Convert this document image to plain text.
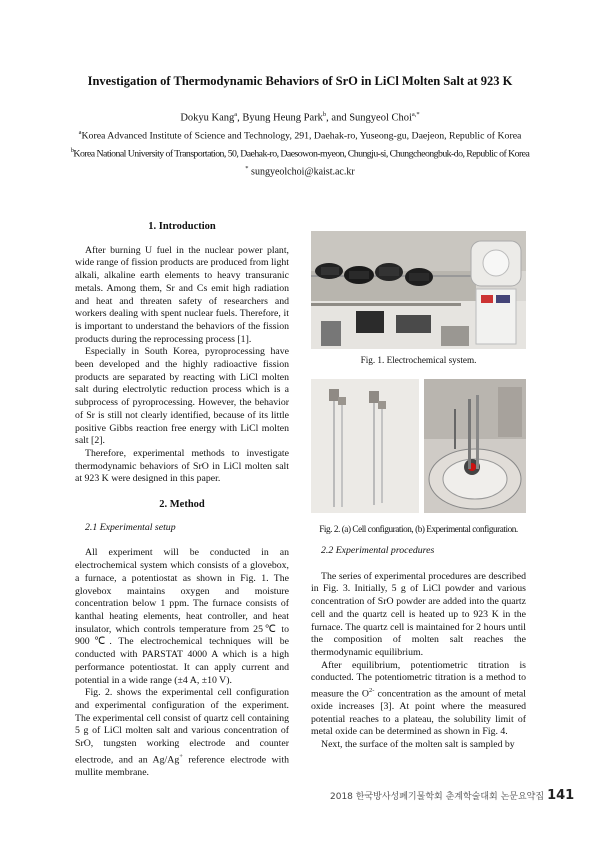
Investigation of Thermodynamic Behaviors of SrO in LiCl Molten Salt at 923 K
Dokyu Kang$^a$, Byung Heung Park$^b$, and Sungyeol Choi$^{a,*}$
$^a$Korea Advanced Institute of Science and Technology, 291, Daehak-ro, Yuseong-gu, Daejeon, Republic of Korea
$^b$Korea National University of Transportation, 50, Daehak-ro, Daesowon-myeon, Chungju-si, Chungcheongbuk-do, Republic of Korea
* sungyeolchoi@kaist.ac.kr

1. Introduction

After burning U fuel in the nuclear power plant, wide range of fission products are produced from light alkali, alkaline earth elements to heavy transuranic metals. Among them, Sr and Cs emit high radiation and heat and threaten safety of researchers and workers dealing with spent nuclear fuels. Therefore, it is important to understand the behaviors of the fission products during the reprocessing process [1].

Especially in South Korea, pyroprocessing have been developed and the highly radioactive fission products are separated by reacting with LiCl molten salt during electrolytic reduction process which is a subprocess of pyroprocessing. However, the behavior of Sr is still not clearly identified, because of its little positive Gibbs reaction free energy with LiCl molten salt [2].

Therefore, experimental methods to investigate thermodynamic behaviors of SrO in LiCl molten salt at 923 K were designed in this paper.

2. Method

2.1 Experimental setup

All experiment will be conducted in an electrochemical system which consists of a glovebox, a furnace, a potentiostat as shown in Fig. 1. The glovebox maintains oxygen and moisture concentration below 1 ppm. The furnace consists of kanthal heating elements, heat controller, and heat insulator, which controls temperature from 25℃ to 900℃. The electrochemical techniques will be conducted with PARSTAT 4000 A which is a high performance potentiostat. It can apply current and potential in a wide range (±4 A, ±10 V).

Fig. 2. shows the experimental cell configuration and experimental configuration of the experiment. The experimental cell consist of quartz cell containing 5 g of LiCl molten salt and various concentration of SrO, tungsten working electrode and counter electrode, and an Ag/Ag+ reference electrode with mullite membrane.

Fig. 1. Electrochemical system.
Fig. 2. (a) Cell configuration, (b) Experimental configuration.

2.2 Experimental procedures

The series of experimental procedures are described in Fig. 3. Initially, 5 g of LiCl powder and various concentration of SrO powder are added into the quartz cell and the quartz cell is heated up to 923 K in the furnace. The quartz cell is maintained for 2 hours until the composition of molten salt reaches the thermodynamic equilibrium.

After equilibrium, potentiometric titration is conducted. The potentiometric titration is a method to measure the $O^{2-}$ concentration as the amount of metal oxide increases [3]. At point where the measured potential reaches to a plateau, the solubility limit of metal oxide can be determined as shown in Fig. 4.

Next, the surface of the molten salt is sampled by

2018 한국방사성폐기물학회 춘계학술대회 논문요약집 141
